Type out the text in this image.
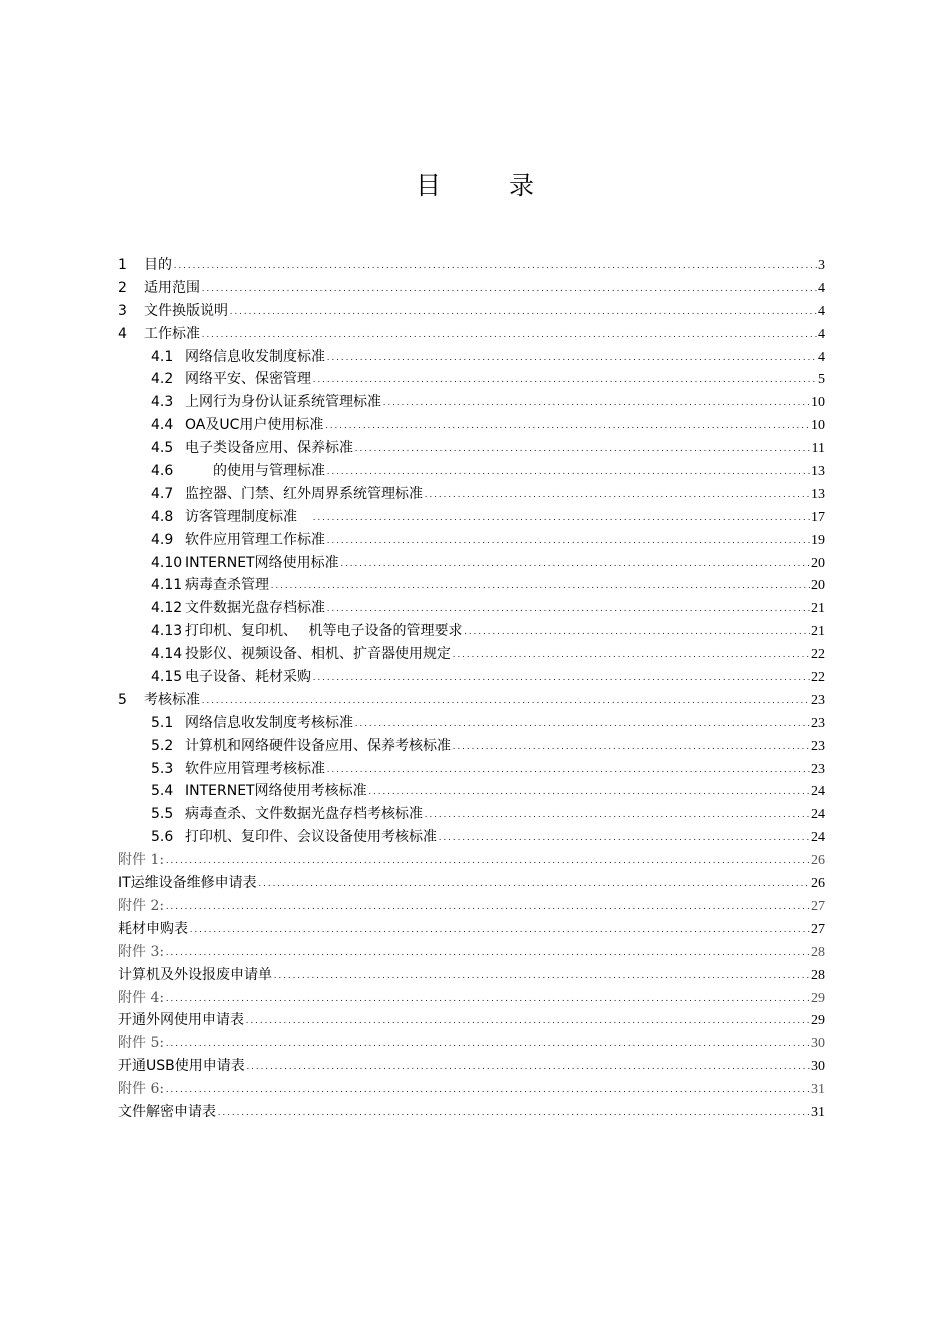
目 录
1	目的 .....	3
2	适用范围 .....	4
3	文件换版说明 .....	4
4	工作标准 .....	4
4.1 网络信息收发制度标准 .....	4
4.2 网络平安、保密管理 .....	5
4.3 上网行为身份认证系统管理标准 .....	10
4.4 OA及UC用户使用标准 .....	10
4.5 电子类设备应用、保养标准 .....	11
4.6 　　的使用与管理标准 .....	13
4.7 监控器、门禁、红外周界系统管理标准 .....	13
4.8 访客管理制度标准　 .....	17
4.9 软件应用管理工作标准 .....	19
4.10 INTERNET网络使用标准 .....	20
4.11 病毒查杀管理 .....	20
4.12 文件数据光盘存档标准 .....	21
4.13 打印机、复印机、　 机等电子设备的管理要求 .....	21
4.14 投影仪、视频设备、相机、扩音器使用规定 .....	22
4.15 电子设备、耗材采购 .....	22
5	考核标准 .....	23
5.1 网络信息收发制度考核标准 .....	23
5.2 计算机和网络硬件设备应用、保养考核标准 .....	23
5.3 软件应用管理考核标准 .....	23
5.4 INTERNET网络使用考核标准 .....	24
5.5 病毒查杀、文件数据光盘存档考核标准 .....	24
5.6 打印机、复印件、会议设备使用考核标准 .....	24
附件 1: .....	26
IT运维设备维修申请表 .....	26
附件 2: .....	27
耗材申购表 .....	27
附件 3: .....	28
计算机及外设报废申请单 .....	28
附件 4: .....	29
开通外网使用申请表 .....	29
附件 5: .....	30
开通USB使用申请表 .....	30
附件 6: .....	31
文件解密申请表 .....	31
